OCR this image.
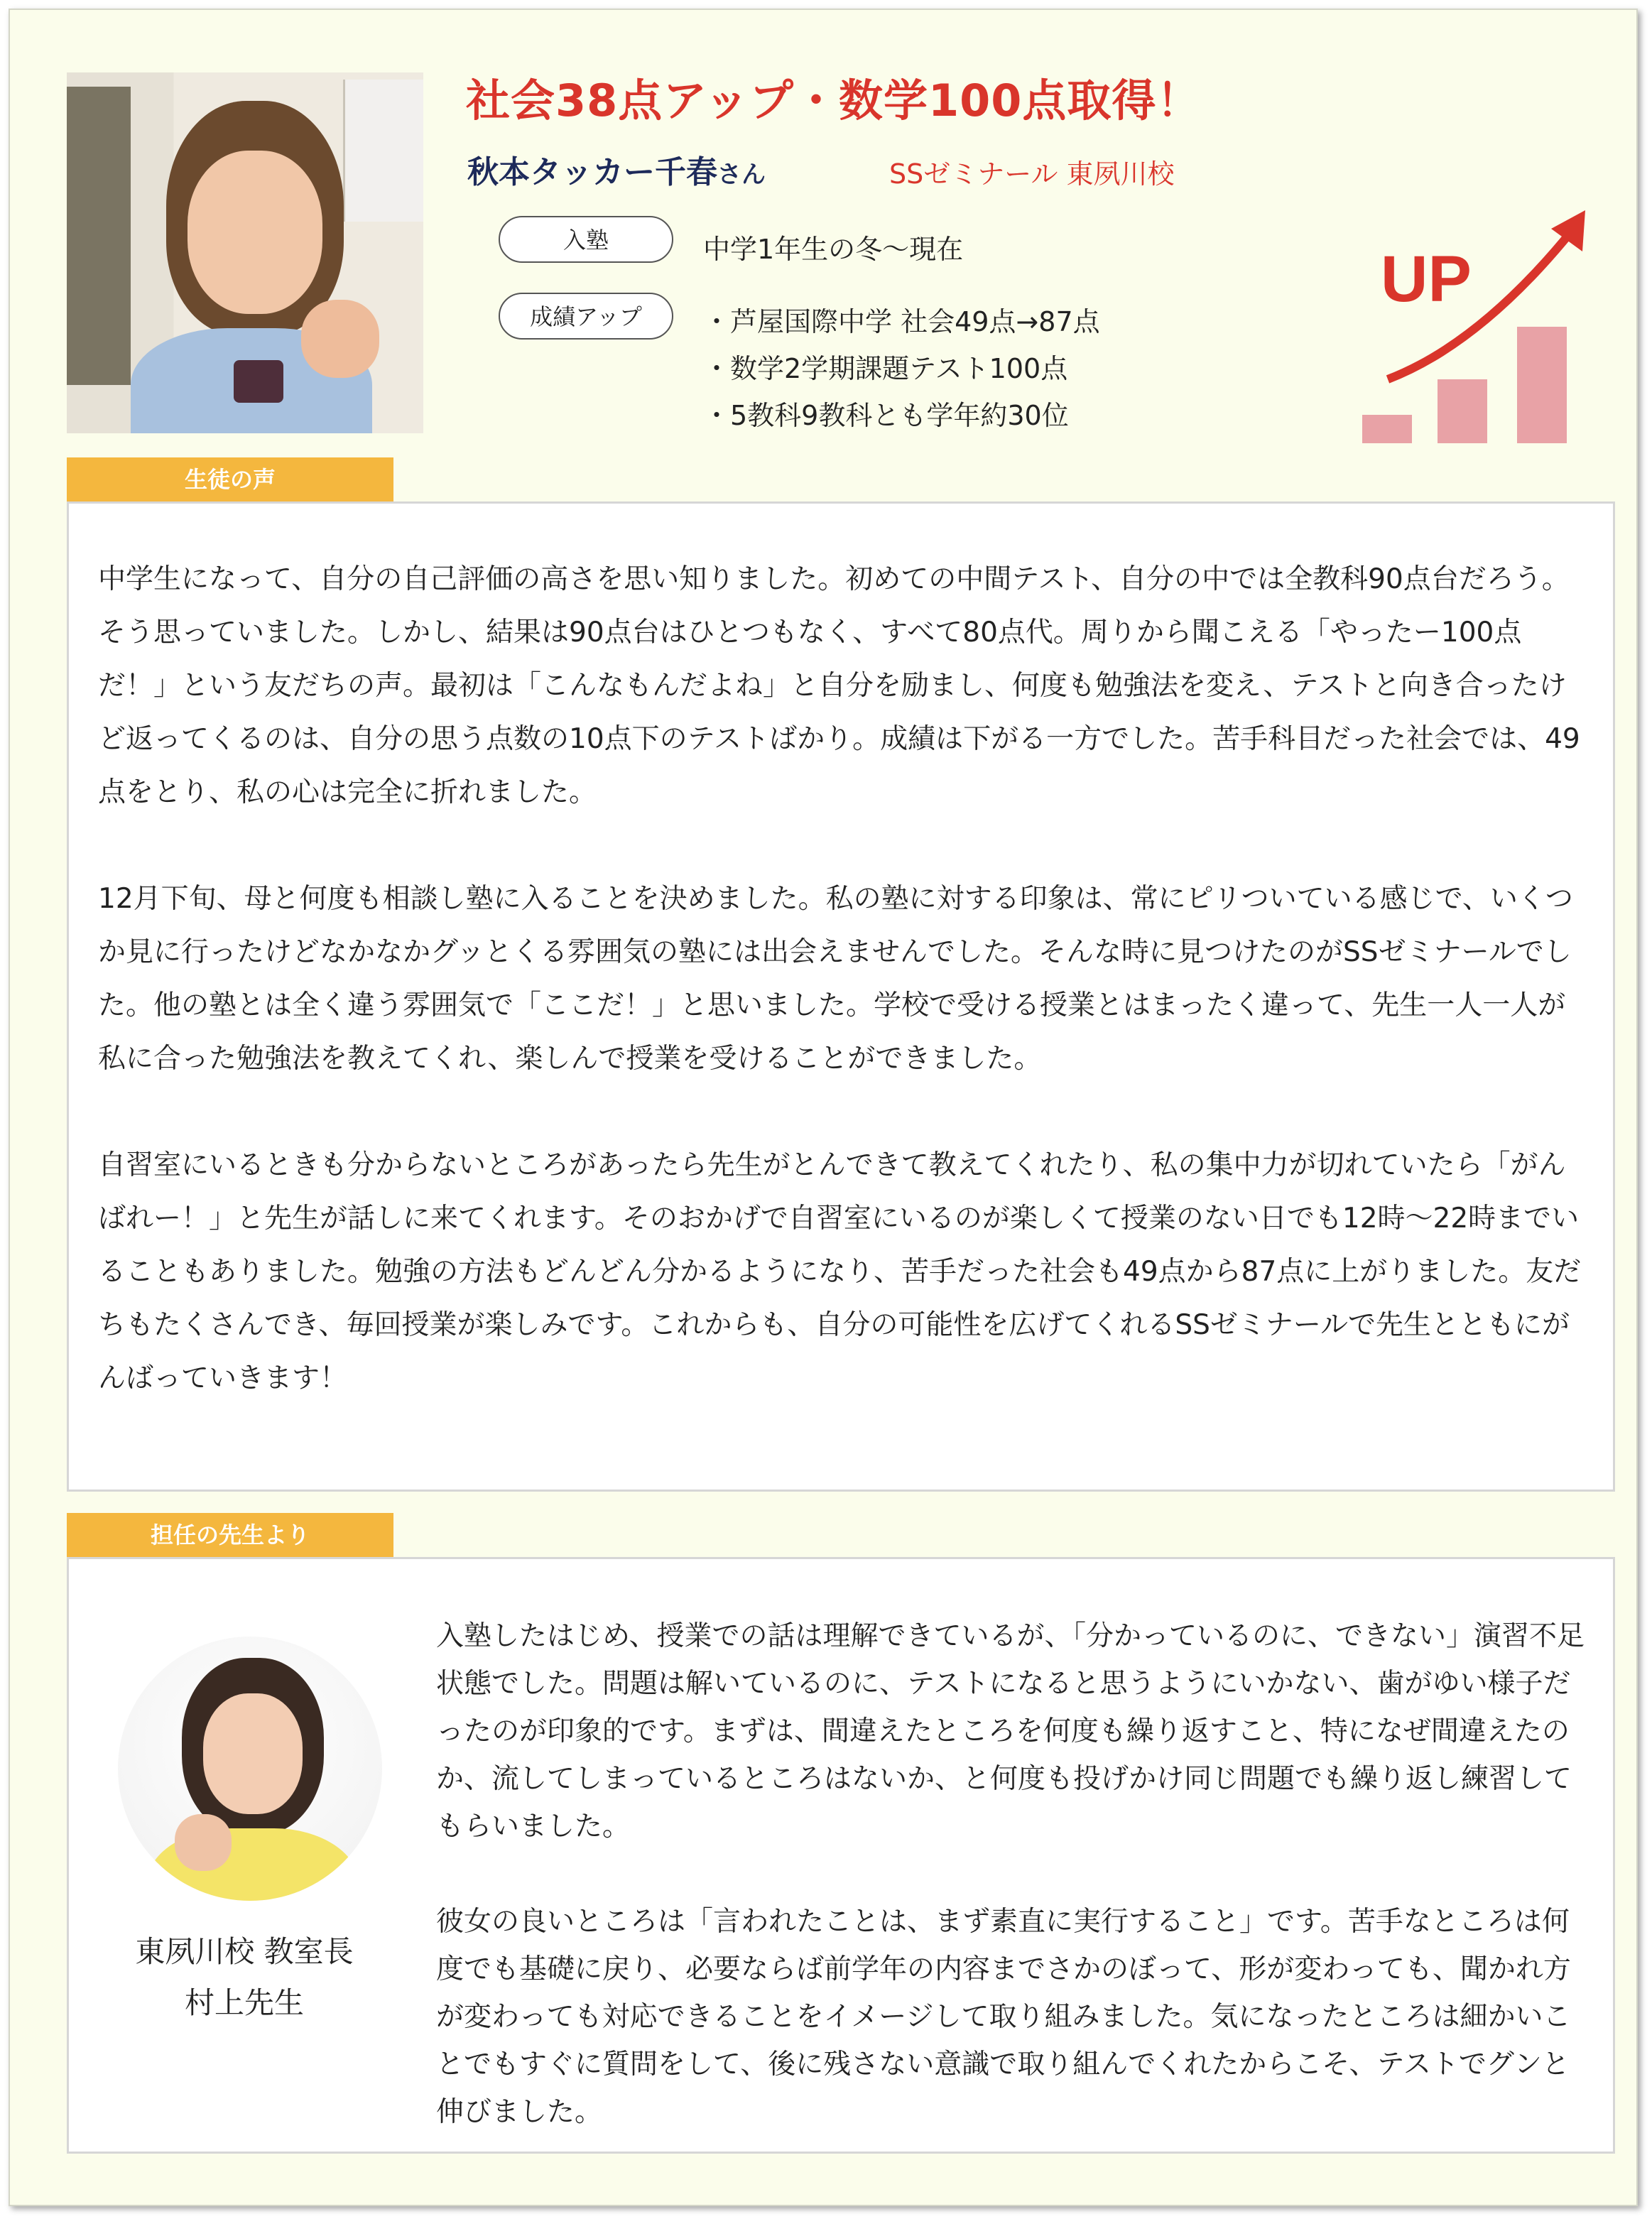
社会38点アップ・数学100点取得！
秋本タッカー千春さん	SSゼミナール 東夙川校
入塾	中学1年生の冬〜現在
成績アップ	・芦屋国際中学 社会49点→87点
・数学2学期課題テスト100点
・5教科9教科とも学年約30位
UP
生徒の声

中学生になって、自分の自己評価の高さを思い知りました。初めての中間テスト、自分の中では全教科90点台だろう。そう思っていました。しかし、結果は90点台はひとつもなく、すべて80点代。周りから聞こえる「やったー100点だ！」という友だちの声。最初は「こんなもんだよね」と自分を励まし、何度も勉強法を変え、テストと向き合ったけど返ってくるのは、自分の思う点数の10点下のテストばかり。成績は下がる一方でした。苦手科目だった社会では、49点をとり、私の心は完全に折れました。

12月下旬、母と何度も相談し塾に入ることを決めました。私の塾に対する印象は、常にピリついている感じで、いくつか見に行ったけどなかなかグッとくる雰囲気の塾には出会えませんでした。そんな時に見つけたのがSSゼミナールでした。他の塾とは全く違う雰囲気で「ここだ！」と思いました。学校で受ける授業とはまったく違って、先生一人一人が私に合った勉強法を教えてくれ、楽しんで授業を受けることができました。

自習室にいるときも分からないところがあったら先生がとんできて教えてくれたり、私の集中力が切れていたら「がんばれー！」と先生が話しに来てくれます。そのおかげで自習室にいるのが楽しくて授業のない日でも12時〜22時までいることもありました。勉強の方法もどんどん分かるようになり、苦手だった社会も49点から87点に上がりました。友だちもたくさんでき、毎回授業が楽しみです。これからも、自分の可能性を広げてくれるSSゼミナールで先生とともにがんばっていきます！

担任の先生より
東夙川校 教室長
村上先生

入塾したはじめ、授業での話は理解できているが、「分かっているのに、できない」演習不足状態でした。問題は解いているのに、テストになると思うようにいかない、歯がゆい様子だったのが印象的です。まずは、間違えたところを何度も繰り返すこと、特になぜ間違えたのか、流してしまっているところはないか、と何度も投げかけ同じ問題でも繰り返し練習してもらいました。

彼女の良いところは「言われたことは、まず素直に実行すること」です。苦手なところは何度でも基礎に戻り、必要ならば前学年の内容までさかのぼって、形が変わっても、聞かれ方が変わっても対応できることをイメージして取り組みました。気になったところは細かいことでもすぐに質問をして、後に残さない意識で取り組んでくれたからこそ、テストでグンと伸びました。
